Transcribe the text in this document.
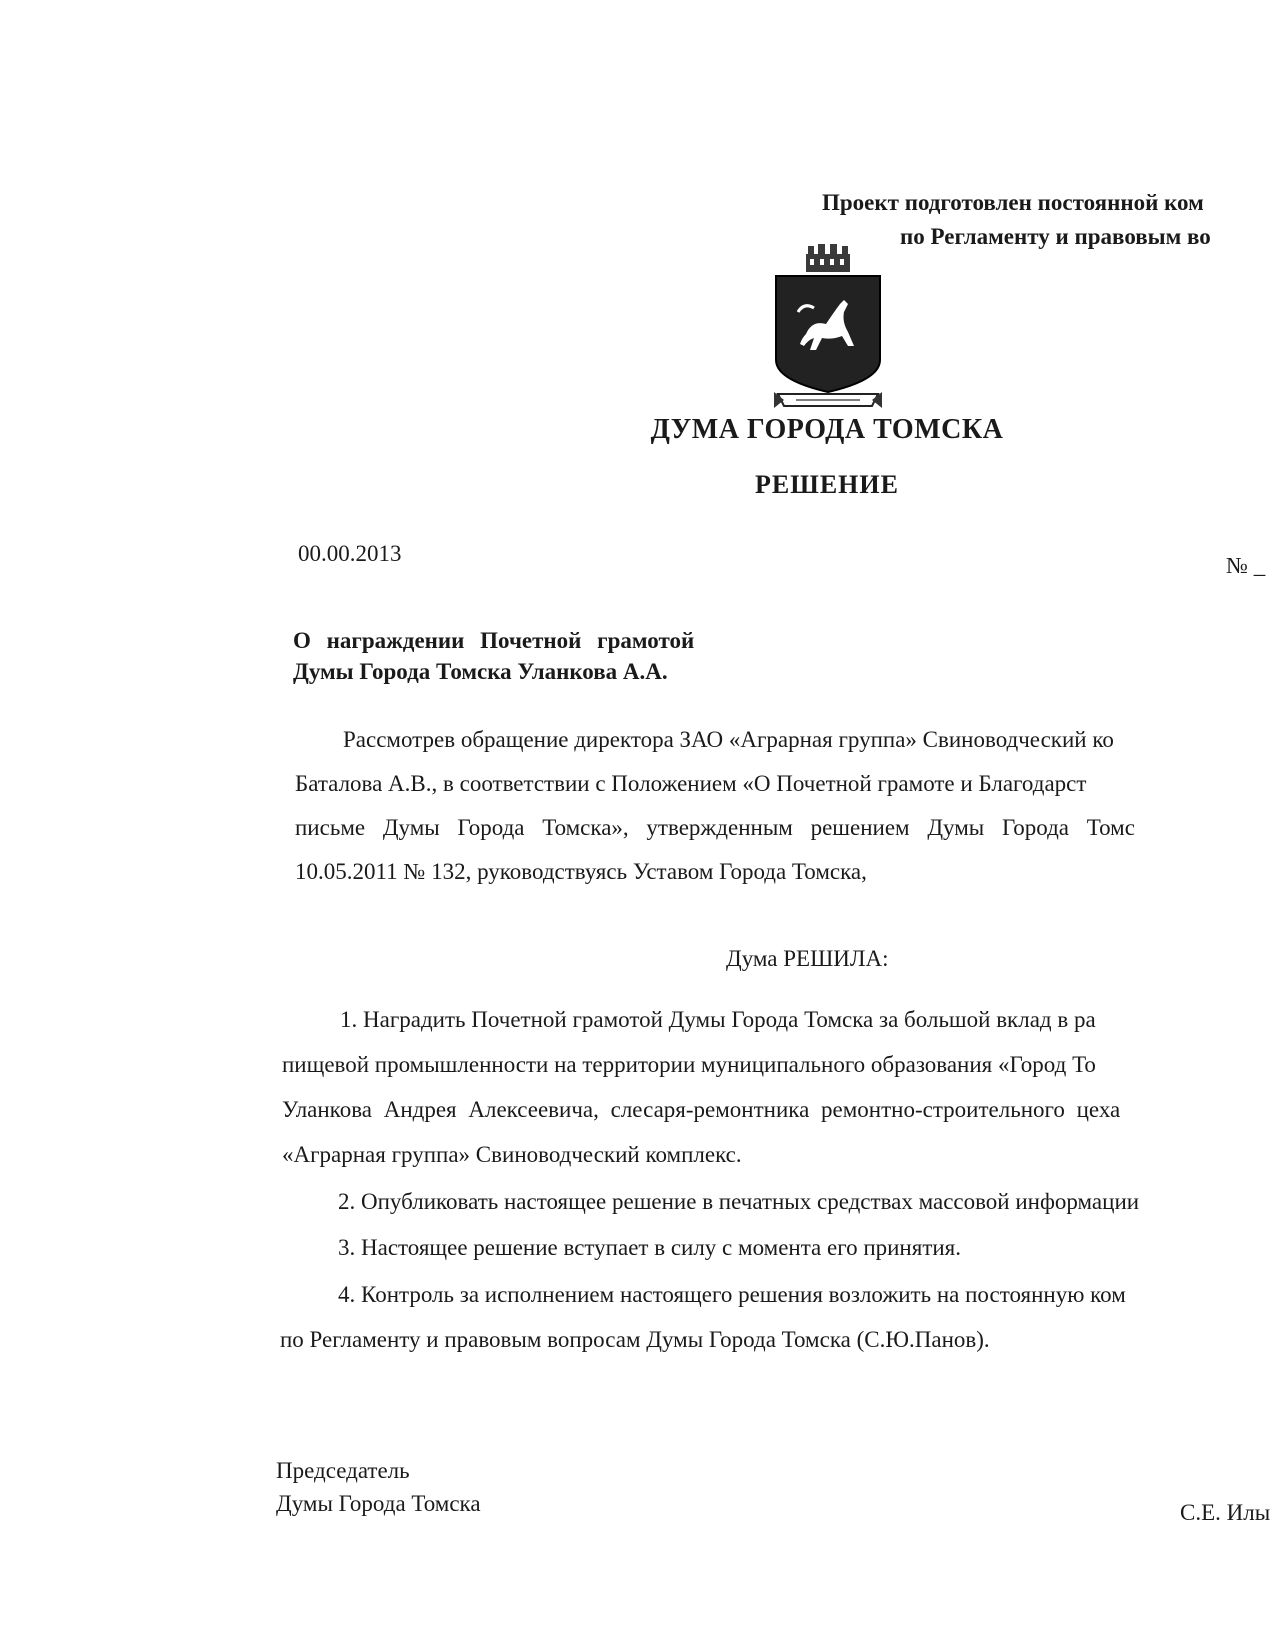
Проект подготовлен постоянной ком
по Регламенту и правовым во
ДУМА ГОРОДА ТОМСКА
РЕШЕНИЕ
00.00.2013	№ _
О награждении Почетной грамотой
Думы Города Томска Уланкова А.А.
Рассмотрев обращение директора ЗАО «Аграрная группа» Свиноводческий ко
Баталова А.В., в соответствии с Положением «О Почетной грамоте и Благодарст
письме Думы Города Томска», утвержденным решением Думы Города Томс
10.05.2011 № 132, руководствуясь Уставом Города Томска,
Дума РЕШИЛА:
1. Наградить Почетной грамотой Думы Города Томска за большой вклад в ра
пищевой промышленности на территории муниципального образования «Город То
Уланкова Андрея Алексеевича, слесаря-ремонтника ремонтно-строительного цеха
«Аграрная группа» Свиноводческий комплекс.
2. Опубликовать настоящее решение в печатных средствах массовой информации
3. Настоящее решение вступает в силу с момента его принятия.
4. Контроль за исполнением настоящего решения возложить на постоянную ком
по Регламенту и правовым вопросам Думы Города Томска (С.Ю.Панов).
Председатель
Думы Города Томска	С.Е. Илы
